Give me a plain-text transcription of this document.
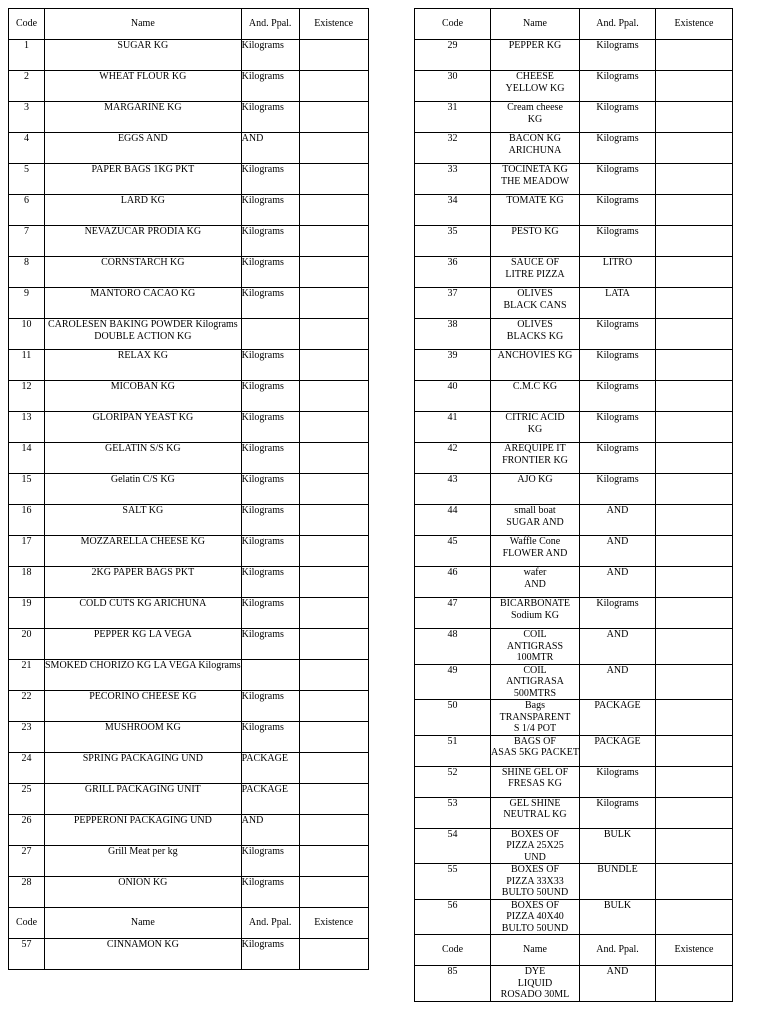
Code	Name	And. Ppal.	Existence
1	SUGAR KG	Kilograms	
2	WHEAT FLOUR KG	Kilograms	
3	MARGARINE KG	Kilograms	
4	EGGS AND	AND	
5	PAPER BAGS 1KG PKT	Kilograms	
6	LARD KG	Kilograms	
7	NEVAZUCAR PRODIA KG	Kilograms	
8	CORNSTARCH KG	Kilograms	
9	MANTORO CACAO KG	Kilograms	
10	CAROLESEN BAKING POWDER Kilograms
DOUBLE ACTION KG		

11	RELAX KG	Kilograms	
12	MICOBAN KG	Kilograms	
13	GLORIPAN YEAST KG	Kilograms	
14	GELATIN S/S KG	Kilograms	
15	Gelatin C/S KG	Kilograms	
16	SALT KG	Kilograms	
17	MOZZARELLA CHEESE KG	Kilograms	
18	2KG PAPER BAGS PKT	Kilograms	
19	COLD CUTS KG ARICHUNA	Kilograms	
20	PEPPER KG LA VEGA	Kilograms	
21	SMOKED CHORIZO KG LA VEGA Kilograms		

22	PECORINO CHEESE KG	Kilograms	
23	MUSHROOM KG	Kilograms	
24	SPRING PACKAGING UND	PACKAGE	
25	GRILL PACKAGING UNIT	PACKAGE	
26	PEPPERONI PACKAGING UND	AND	
27	Grill Meat per kg	Kilograms	
28	ONION KG	Kilograms	
Code	Name	And. Ppal.	Existence
57	CINNAMON KG	Kilograms	
Code	Name	And. Ppal.	Existence
29	PEPPER KG	Kilograms	
30	CHEESE
YELLOW KG	Kilograms	
31	Cream cheese
KG	Kilograms	
32	BACON KG
ARICHUNA	Kilograms	
33	TOCINETA KG
THE MEADOW	Kilograms	
34	TOMATE KG	Kilograms	
35	PESTO KG	Kilograms	
36	SAUCE OF
LITRE PIZZA	LITRO	
37	OLIVES
BLACK CANS	LATA	
38	OLIVES
BLACKS KG	Kilograms	
39	ANCHOVIES KG	Kilograms	
40	C.M.C KG	Kilograms	
41	CITRIC ACID
KG	Kilograms	
42	AREQUIPE IT
FRONTIER KG	Kilograms	
43	AJO KG	Kilograms	
44	small boat
SUGAR AND	AND	
45	Waffle Cone
FLOWER AND	AND	
46	wafer
AND	AND	
47	BICARBONATE
Sodium KG	Kilograms	
48	COIL
ANTIGRASS
100MTR	AND	
49	COIL
ANTIGRASA
500MTRS	AND	
50	Bags
TRANSPARENT
S 1/4 POT	PACKAGE	
51	BAGS OF
ASAS 5KG PACKET	PACKAGE	
52	SHINE GEL OF
FRESAS KG	Kilograms	
53	GEL SHINE
NEUTRAL KG	Kilograms	
54	BOXES OF
PIZZA 25X25
UND	BULK	
55	BOXES OF
PIZZA 33X33
BULTO 50UND	BUNDLE	
56	BOXES OF
PIZZA 40X40
BULTO 50UND	BULK	
Code	Name	And. Ppal.	Existence
85	DYE
LIQUID
ROSADO 30ML	AND	
